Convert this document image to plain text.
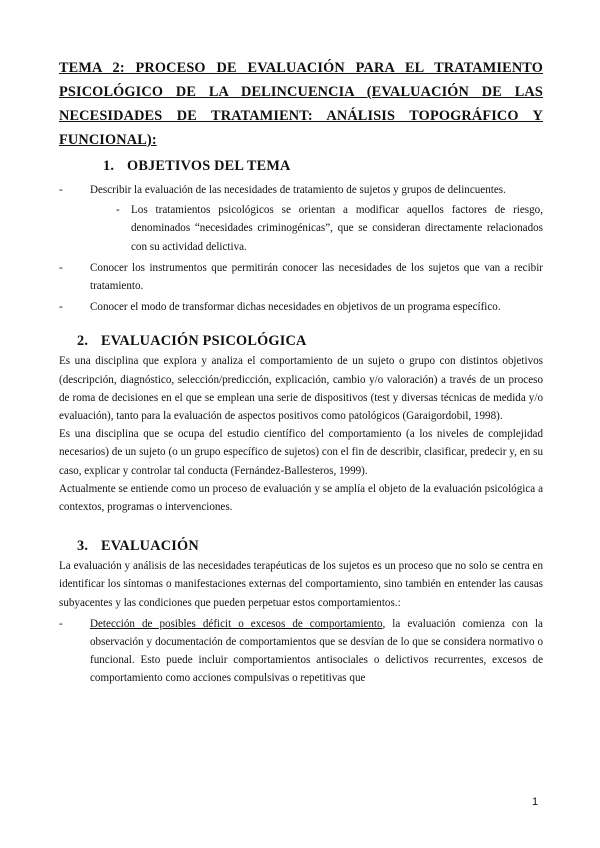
TEMA 2: PROCESO DE EVALUACIÓN PARA EL TRATAMIENTO PSICOLÓGICO DE LA DELINCUENCIA (EVALUACIÓN DE LAS NECESIDADES DE TRATAMIENT: ANÁLISIS TOPOGRÁFICO Y FUNCIONAL):
1. OBJETIVOS DEL TEMA
- Describir la evaluación de las necesidades de tratamiento de sujetos y grupos de delincuentes.
- Los tratamientos psicológicos se orientan a modificar aquellos factores de riesgo, denominados “necesidades criminogénicas”, que se consideran directamente relacionados con su actividad delictiva.
- Conocer los instrumentos que permitirán conocer las necesidades de los sujetos que van a recibir tratamiento.
- Conocer el modo de transformar dichas necesidades en objetivos de un programa específico.
2. EVALUACIÓN PSICOLÓGICA

Es una disciplina que explora y analiza el comportamiento de un sujeto o grupo con distintos objetivos (descripción, diagnóstico, selección/predicción, explicación, cambio y/o valoración) a través de un proceso de roma de decisiones en el que se emplean una serie de dispositivos (test y diversas técnicas de medida y/o evaluación), tanto para la evaluación de aspectos positivos como patológicos (Garaigordobil, 1998).

Es una disciplina que se ocupa del estudio científico del comportamiento (a los niveles de complejidad necesarios) de un sujeto (o un grupo específico de sujetos) con el fin de describir, clasificar, predecir y, en su caso, explicar y controlar tal conducta (Fernández-Ballesteros, 1999).

Actualmente se entiende como un proceso de evaluación y se amplía el objeto de la evaluación psicológica a contextos, programas o intervenciones.

3. EVALUACIÓN

La evaluación y análisis de las necesidades terapéuticas de los sujetos es un proceso que no solo se centra en identificar los síntomas o manifestaciones externas del comportamiento, sino también en entender las causas subyacentes y las condiciones que pueden perpetuar estos comportamientos.:

- Detección de posibles déficit o excesos de comportamiento, la evaluación comienza con la observación y documentación de comportamientos que se desvían de lo que se considera normativo o funcional. Esto puede incluir comportamientos antisociales o delictivos recurrentes, excesos de comportamiento como acciones compulsivas o repetitivas que
1
